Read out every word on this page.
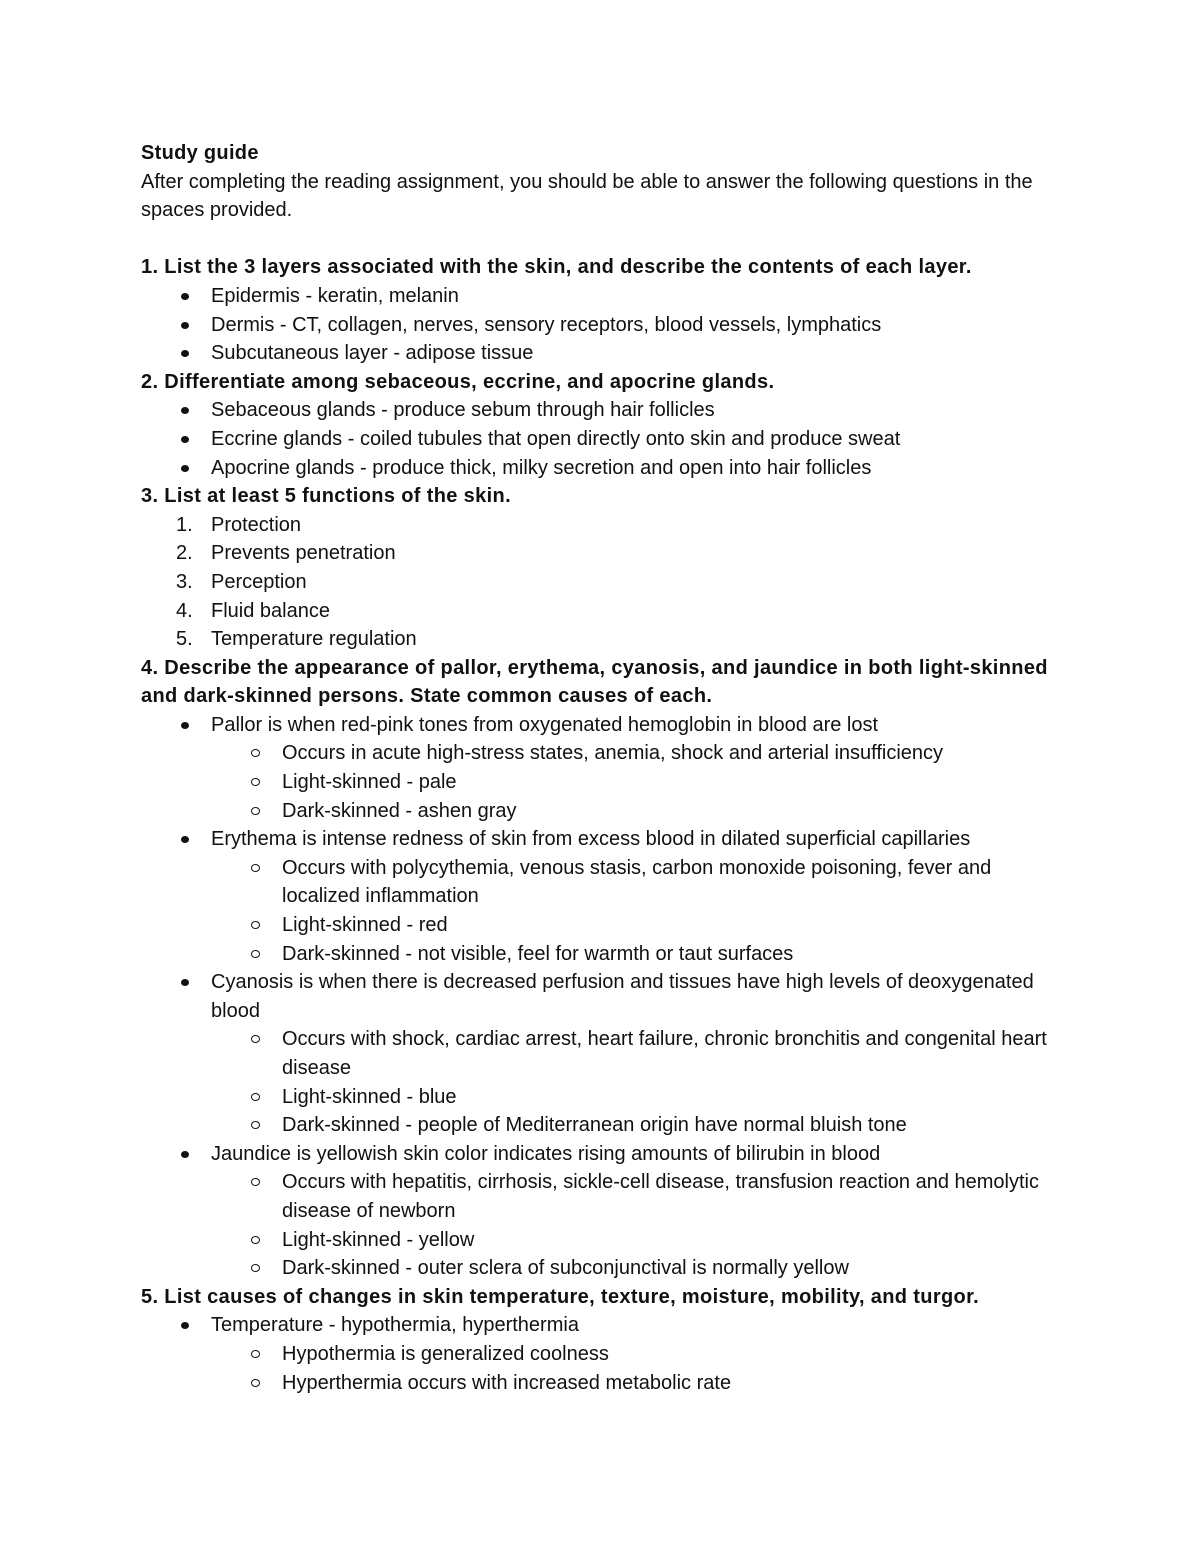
Study guide

After completing the reading assignment, you should be able to answer the following questions in the spaces provided.

1. List the 3 layers associated with the skin, and describe the contents of each layer.

Epidermis - keratin, melanin
Dermis - CT, collagen, nerves, sensory receptors, blood vessels, lymphatics
Subcutaneous layer - adipose tissue

2. Differentiate among sebaceous, eccrine, and apocrine glands.

Sebaceous glands - produce sebum through hair follicles
Eccrine glands - coiled tubules that open directly onto skin and produce sweat
Apocrine glands - produce thick, milky secretion and open into hair follicles

3. List at least 5 functions of the skin.

1. Protection
2. Prevents penetration
3. Perception
4. Fluid balance
5. Temperature regulation

4. Describe the appearance of pallor, erythema, cyanosis, and jaundice in both light-skinned and dark-skinned persons. State common causes of each.

Pallor is when red-pink tones from oxygenated hemoglobin in blood are lost
Occurs in acute high-stress states, anemia, shock and arterial insufficiency
Light-skinned - pale
Dark-skinned - ashen gray
Erythema is intense redness of skin from excess blood in dilated superficial capillaries
Occurs with polycythemia, venous stasis, carbon monoxide poisoning, fever and localized inflammation
Light-skinned - red
Dark-skinned - not visible, feel for warmth or taut surfaces
Cyanosis is when there is decreased perfusion and tissues have high levels of deoxygenated blood
Occurs with shock, cardiac arrest, heart failure, chronic bronchitis and congenital heart disease
Light-skinned - blue
Dark-skinned - people of Mediterranean origin have normal bluish tone
Jaundice is yellowish skin color indicates rising amounts of bilirubin in blood
Occurs with hepatitis, cirrhosis, sickle-cell disease, transfusion reaction and hemolytic disease of newborn
Light-skinned - yellow
Dark-skinned - outer sclera of subconjunctival is normally yellow

5. List causes of changes in skin temperature, texture, moisture, mobility, and turgor.

Temperature - hypothermia, hyperthermia
Hypothermia is generalized coolness
Hyperthermia occurs with increased metabolic rate
